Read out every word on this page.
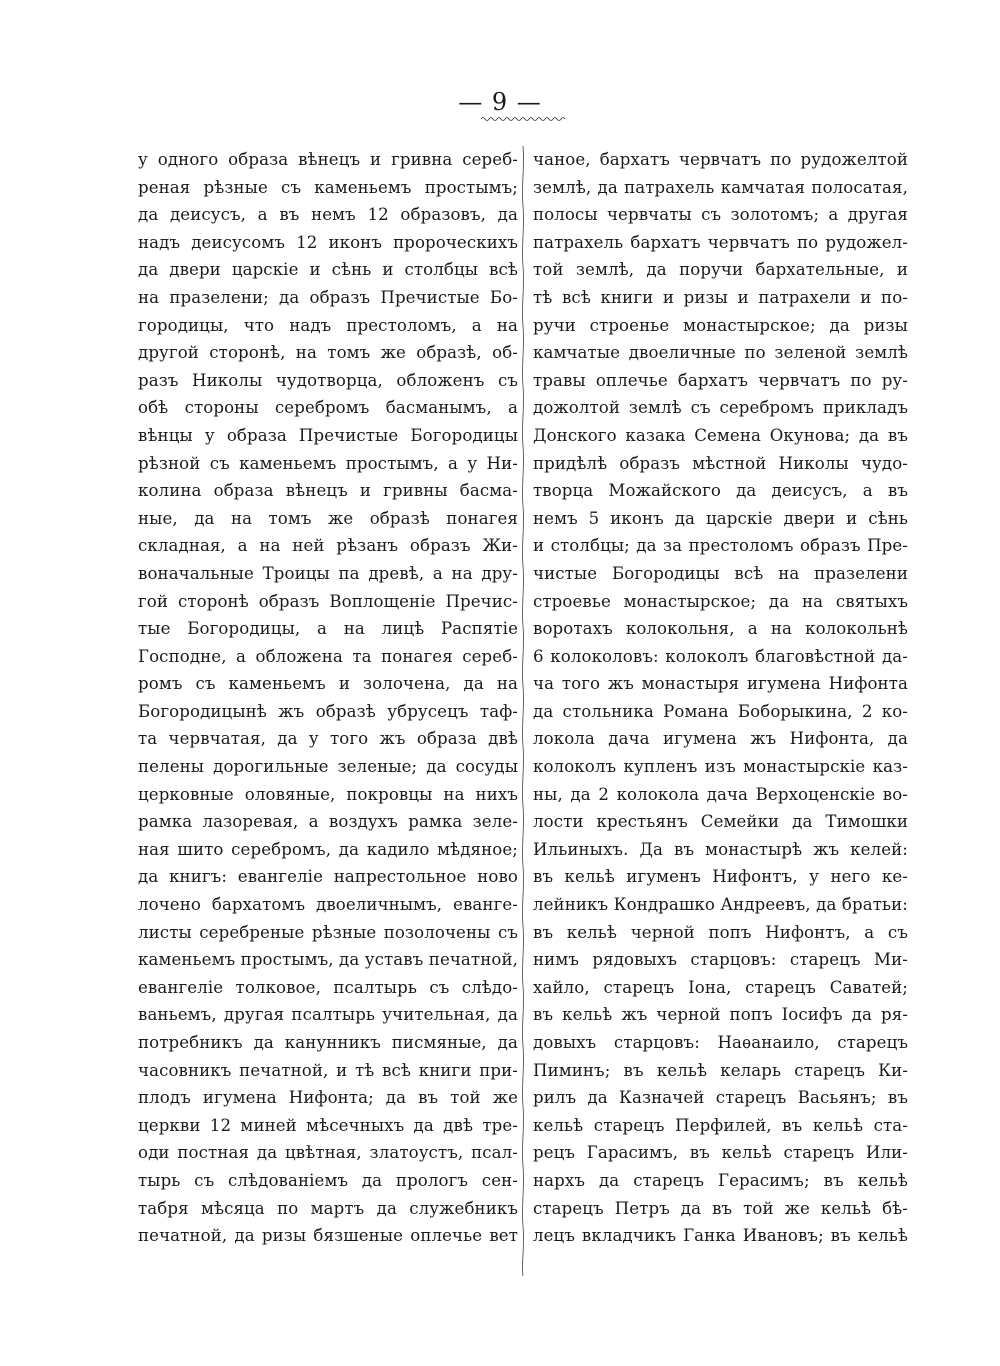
— 9 —
у одного образа вѣнецъ и гривна сереб-
реная рѣзные съ каменьемъ простымъ;
да деисусъ, а въ немъ 12 образовъ, да
надъ деисусомъ 12 иконъ пророческихъ
да двери царскіе и сѣнь и столбцы всѣ
на празелени; да образъ Пречистые Бо-
городицы, что надъ престоломъ, а на
другой сторонѣ, на томъ же образѣ, об-
разъ Николы чудотворца, обложенъ съ
обѣ стороны серебромъ басманымъ, а
вѣнцы у образа Пречистые Богородицы
рѣзной съ каменьемъ простымъ, а у Ни-
колина образа вѣнецъ и гривны басма-
ные, да на томъ же образѣ понагея
складная, а на ней рѣзанъ образъ Жи-
воначальные Троицы па древѣ, а на дру-
гой сторонѣ образъ Воплощеніе Пречис-
тые Богородицы, а на лицѣ Распятіе
Господне, а обложена та понагея сереб-
ромъ съ каменьемъ и золочена, да на
Богородицынѣ жъ образѣ убрусецъ таф-
та червчатая, да у того жъ образа двѣ
пелены дорогильные зеленые; да сосуды
церковные оловяные, покровцы на нихъ
рамка лазоревая, а воздухъ рамка зеле-
ная шито серебромъ, да кадило мѣдяное;
да книгъ: евангеліе напрестольное ново
лочено бархатомъ двоеличнымъ, еванге-
листы серебреные рѣзные позолочены съ
каменьемъ простымъ, да уставъ печатной,
евангеліе толковое, псалтырь съ слѣдо-
ваньемъ, другая псалтырь учительная, да
потребникъ да канунникъ писмяные, да
часовникъ печатной, и тѣ всѣ книги при-
плодъ игумена Нифонта; да въ той же
церкви 12 миней мѣсечныхъ да двѣ тре-
оди постная да цвѣтная, златоустъ, псал-
тырь съ слѣдованіемъ да прологъ сен-
табря мѣсяца по мартъ да служебникъ
печатной, да ризы бязшеные оплечье вет
чаное, бархатъ червчатъ по рудожелтой
землѣ, да патрахель камчатая полосатая,
полосы червчаты съ золотомъ; а другая
патрахель бархатъ червчатъ по рудожел-
той землѣ, да поручи бархательные, и
тѣ всѣ книги и ризы и патрахели и по-
ручи строенье монастырское; да ризы
камчатые двоеличные по зеленой землѣ
травы оплечье бархатъ червчатъ по ру-
дожолтой землѣ съ серебромъ прикладъ
Донского казака Семена Окунова; да въ
придѣлѣ образъ мѣстной Николы чудо-
творца Можайского да деисусъ, а въ
немъ 5 иконъ да царскіе двери и сѣнь
и столбцы; да за престоломъ образъ Пре-
чистые Богородицы всѣ на празелени
строевье монастырское; да на святыхъ
воротахъ колокольня, а на колокольнѣ
6 колоколовъ: колоколъ благовѣстной да-
ча того жъ монастыря игумена Нифонта
да стольника Романа Боборыкина, 2 ко-
локола дача игумена жъ Нифонта, да
колоколъ купленъ изъ монастырскіе каз-
ны, да 2 колокола дача Верхоценскіе во-
лости крестьянъ Семейки да Тимошки
Ильиныхъ. Да въ монастырѣ жъ келей:
въ кельѣ игуменъ Нифонтъ, у него ке-
лейникъ Кондрашко Андреевъ, да братьи:
въ кельѣ черной попъ Нифонтъ, а съ
нимъ рядовыхъ старцовъ: старецъ Ми-
хайло, старецъ Іона, старецъ Саватей;
въ кельѣ жъ черной попъ Іосифъ да ря-
довыхъ старцовъ: Наѳанаило, старецъ
Пиминъ; въ кельѣ келарь старецъ Ки-
рилъ да Казначей старецъ Васьянъ; въ
кельѣ старецъ Перфилей, въ кельѣ ста-
рецъ Гарасимъ, въ кельѣ старецъ Или-
нархъ да старецъ Герасимъ; въ кельѣ
старецъ Петръ да въ той же кельѣ бѣ-
лецъ вкладчикъ Ганка Ивановъ; въ кельѣ
